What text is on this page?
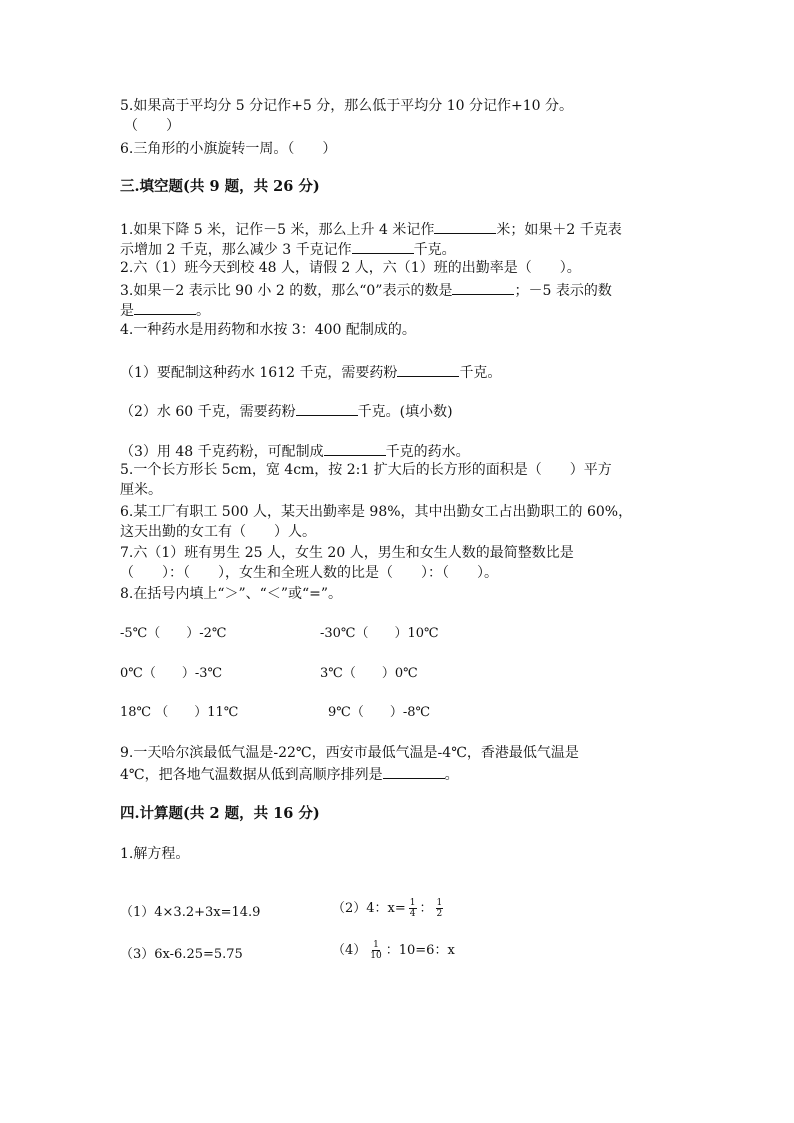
5.如果高于平均分 5 分记作+5 分，那么低于平均分 10 分记作+10 分。
（　　）
6.三角形的小旗旋转一周。（　　）
三.填空题(共 9 题，共 26 分)
1.如果下降 5 米，记作－5 米，那么上升 4 米记作	米；如果＋2 千克表
示增加 2 千克，那么减少 3 千克记作	千克。
2.六（1）班今天到校 48 人，请假 2 人，六（1）班的出勤率是（　　）。
3.如果－2 表示比 90 小 2 的数，那么“0”表示的数是	；－5 表示的数
是	。
4.一种药水是用药物和水按 3：400 配制成的。
（1）要配制这种药水 1612 千克，需要药粉	千克。
（2）水 60 千克，需要药粉	千克。(填小数)
（3）用 48 千克药粉，可配制成	千克的药水。
5.一个长方形长 5cm，宽 4cm，按 2:1 扩大后的长方形的面积是（　　）平方
厘米。
6.某工厂有职工 500 人，某天出勤率是 98%，其中出勤女工占出勤职工的 60%，
这天出勤的女工有（　　）人。
7.六（1）班有男生 25 人，女生 20 人，男生和女生人数的最简整数比是
（　　）：（　　），女生和全班人数的比是（　　）：（　　）。
8.在括号内填上“＞”、“＜”或“=”。
-5℃（　　）-2℃	-30℃（　　）10℃
0℃（　　）-3℃	3℃（　　）0℃
18℃ （　　）11℃	9℃（　　）-8℃
9.一天哈尔滨最低气温是-22℃，西安市最低气温是-4℃，香港最低气温是
4℃，把各地气温数据从低到高顺序排列是	。
四.计算题(共 2 题，共 16 分)
1.解方程。
（1）4×3.2+3x=14.9	（2）4：$x= \frac{1}{4}$ ： $\frac{1}{2}$
（3）6x-6.25=5.75	$(4) \frac{1}{10}$ ：10=6：x
